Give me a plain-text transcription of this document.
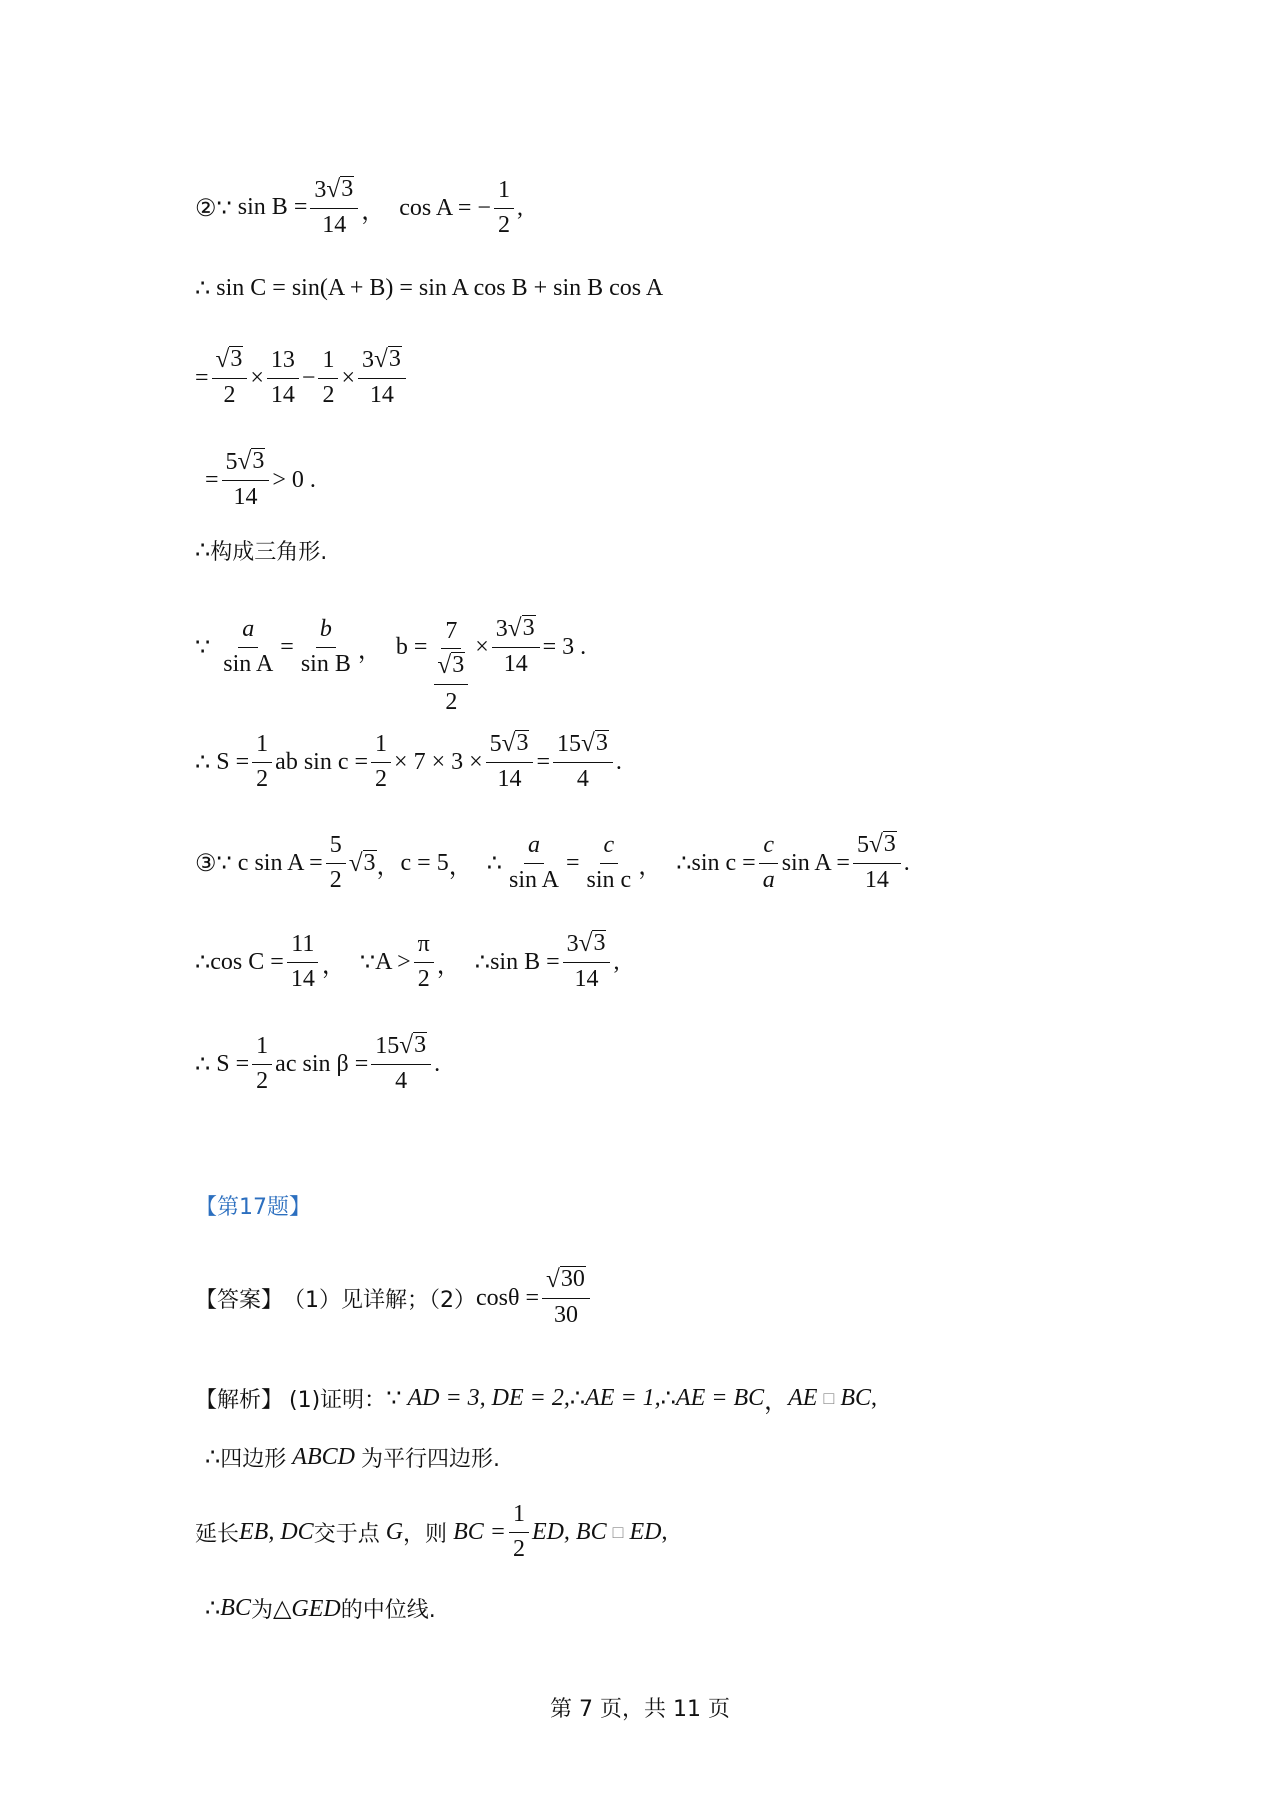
② ∵
$\sin B = \frac{3 √ 3}{14}$ ， cos A = − $\frac{1}{2}$ ,
∴
sin C = sin(A + B) = sin A cos B + sin B cos A
= $\frac{√ 3}{2} \times \frac{13}{14} - \frac{1}{2} \times \frac{3 √ 3}{14}$
= $\frac{5 √ 3}{14} > 0$
.
∴ 构成三角形.
∵
$\frac{a}{\text{sin A}} = \frac{b}{\text{sin B}}$ ， b = 7
√ 3
$2 \times \frac{3 √ 3}{14} = 3$
.
∴
$S = \frac{1}{2}$ ab $\sin c = \frac{1}{2} \times 7 \times 3 \times \frac{5 √ 3}{14} = \frac{15 √ 3}{4}$ .
③ ∵
c $\sin A = \frac{5}{2}$ √ 3 ， c = 5 ， ∴ $\frac{a}{\text{sin A}} = \frac{c}{\text{sin c}}$ ， ∴ $\sin c = \frac{c}{a}$ $\sin A = \frac{5 √ 3}{14}$ .
∴ $\cos C = \frac{11}{14}$ ， ∵ $A > \frac{\pi}{2}$ ， ∴ $\sin B = \frac{3 √ 3}{14}$ ,
∴
$S = \frac{1}{2}$ ac $\sin \beta = \frac{15 √ 3}{4}$ .
【第17题】
【答案】 （1）见详解；（2） $\cos\theta = \frac{√ 30}{30}$
【解析】
(1)证明： ∵
AD = 3, DE = 2, ∴ AE = 1, ∴ AE = BC ， AE
□
BC ,
∴ 四边形
ABCD
为平行四边形.
延长 EB, DC 交于点
G ，则
BC = $\frac{1}{2}$ ED, BC
□
ED ,
∴ BC 为 △GED 的中位线.
第 7 页，共 11 页
